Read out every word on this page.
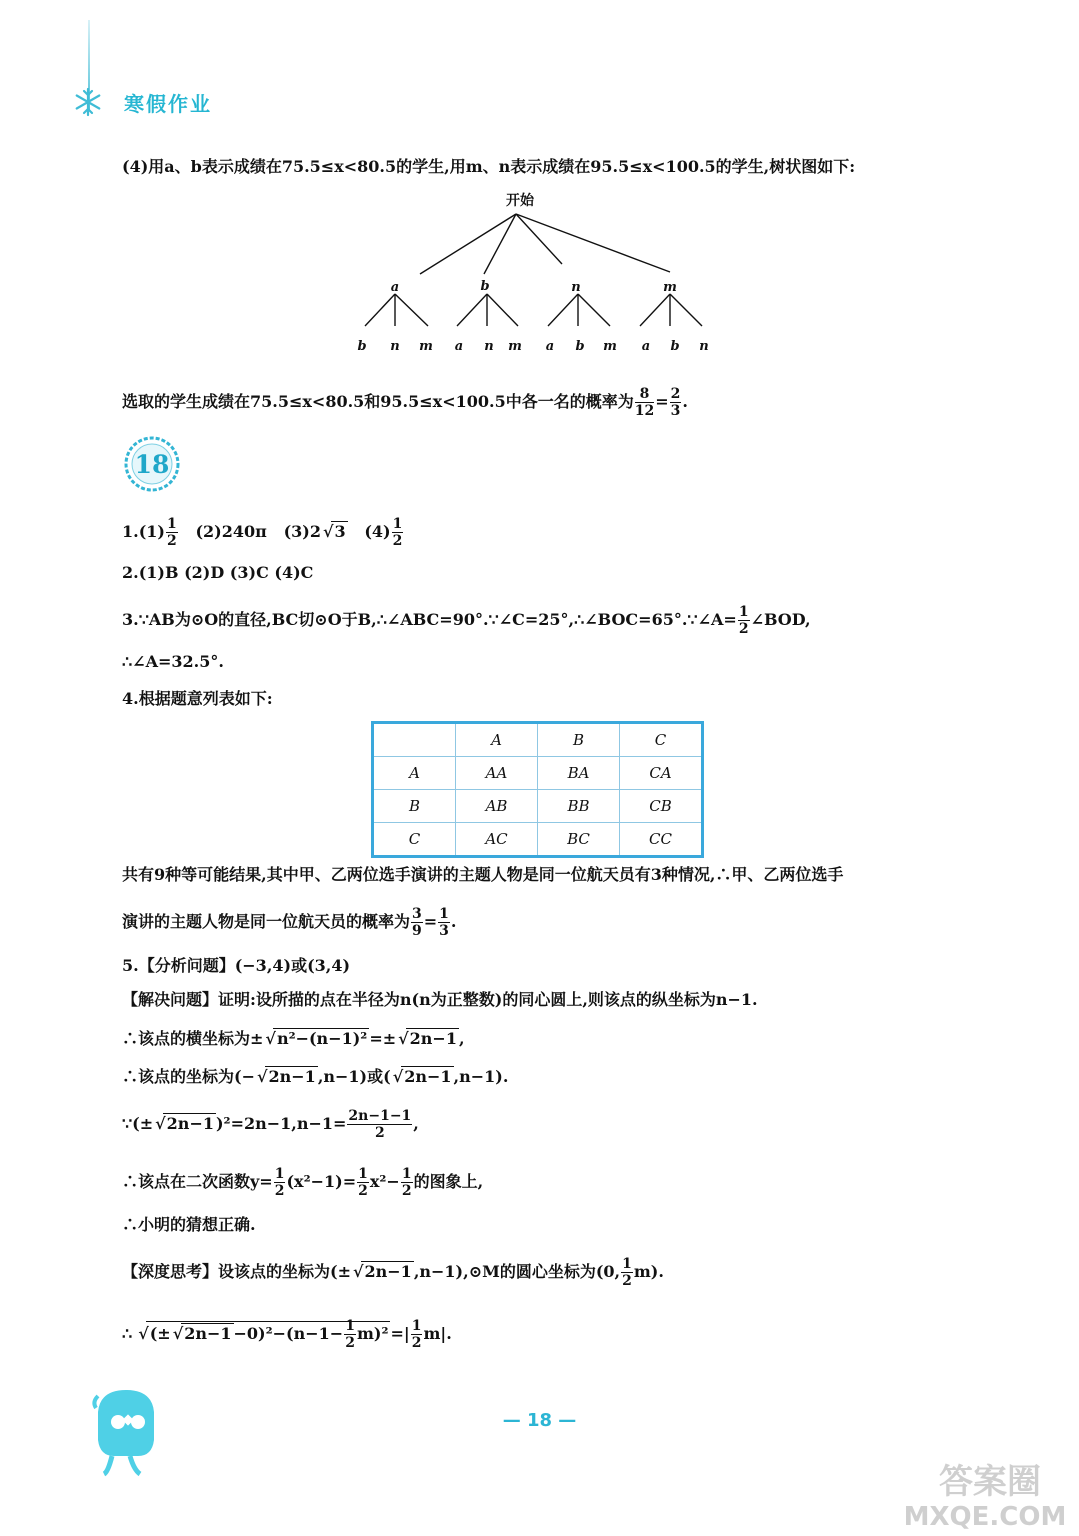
寒假作业
(4)用a、b表示成绩在75.5≤x<80.5的学生,用m、n表示成绩在95.5≤x<100.5的学生,树状图如下:
开始
a	b	n	m
b n m a n m a b m a b n
选取的学生成绩在75.5≤x<80.5和95.5≤x<100.5中各一名的概率为 $\frac{8}{12} = \frac{2}{3}$ .
18
$1.(1) \frac{1}{2} (2)240\pi$ (3)2 √ 3 $(4) \frac{1}{2}$
2.(1)B (2)D (3)C (4)C
3.∵AB为⊙O的直径,BC切⊙O于B,∴∠ABC=90°.∵∠C=25°,∴∠BOC=65°.∵∠A= $\frac{1}{2}$ ∠BOD,
∴∠A=32.5°.
4.根据题意列表如下:
	A	B	C
A	AA	BA	CA
B	AB	BB	CB
C	AC	BC	CC
共有9种等可能结果,其中甲、乙两位选手演讲的主题人物是同一位航天员有3种情况,∴甲、乙两位选手
演讲的主题人物是同一位航天员的概率为 $\frac{3}{9} = \frac{1}{3}$ .
5.【分析问题】(−3,4)或(3,4)
【解决问题】证明:设所描的点在半径为n(n为正整数)的同心圆上,则该点的纵坐标为n−1.
∴该点的横坐标为± √ n²−(n−1)² =± √ 2n−1 ,
∴该点的坐标为(− √ 2n−1 ,n−1)或( √ 2n−1 ,n−1).
∵(± √ 2n−1 )$^2=2n-1,n-1= \frac{2n-1-1}{2}$ ,
∴该点在二次函数$y= \frac{1}{2} (x^2-1)= \frac{1}{2} x^2- \frac{1}{2}$ 的图象上,
∴小明的猜想正确.
【深度思考】设该点的坐标为(± √ 2n−1 ,n−1),⊙M的圆心坐标为(0, $\frac{1}{2} m$).
∴ √ (± √ $2n-1 -0)^2-(n-1- \frac{1}{2} m)^2$ =| $\frac{1}{2} m|$.
— 18 —
答案圈
MXQE.COM
